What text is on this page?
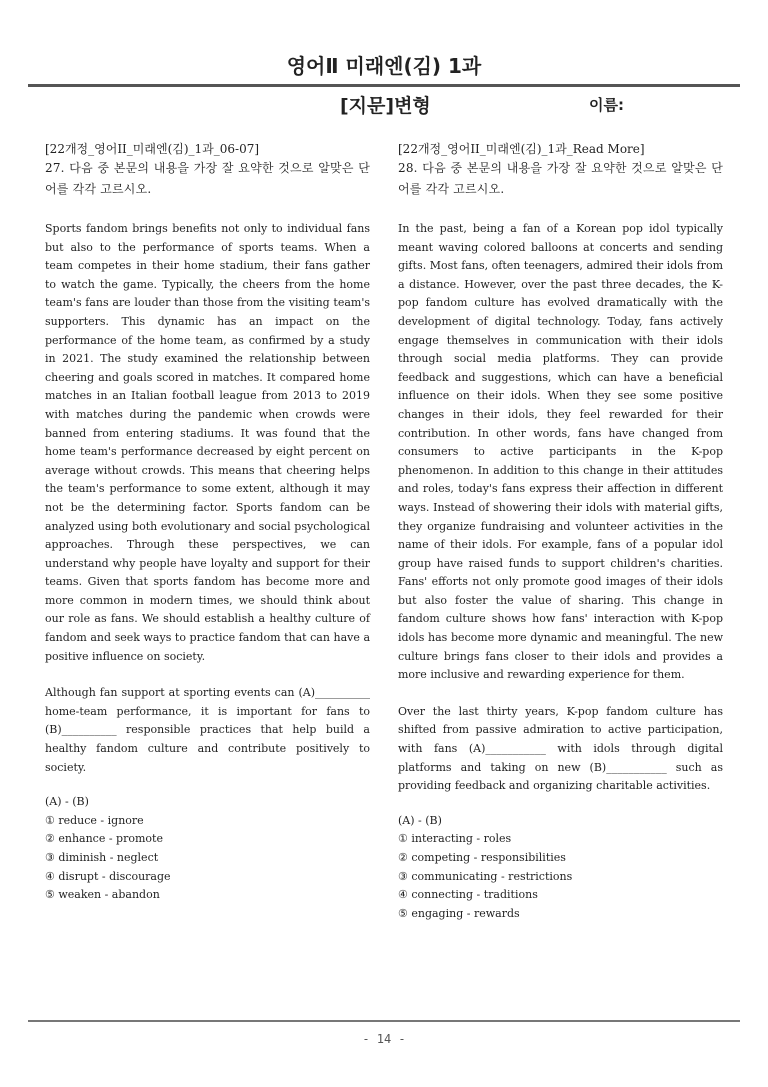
영어Ⅱ 미래엔(김) 1과
[지문]변형	이름:
[22개정_영어II_미래엔(김)_1과_06-07]
27. 다음 중 본문의 내용을 가장 잘 요약한 것으로 알맞은 단어를 각각 고르시오.
Sports fandom brings benefits not only to individual fans but also to the performance of sports teams. When a team competes in their home stadium, their fans gather to watch the game. Typically, the cheers from the home team's fans are louder than those from the visiting team's supporters. This dynamic has an impact on the performance of the home team, as confirmed by a study in 2021. The study examined the relationship between cheering and goals scored in matches. It compared home matches in an Italian football league from 2013 to 2019 with matches during the pandemic when crowds were banned from entering stadiums. It was found that the home team's performance decreased by eight percent on average without crowds. This means that cheering helps the team's performance to some extent, although it may not be the determining factor. Sports fandom can be analyzed using both evolutionary and social psychological approaches. Through these perspectives, we can understand why people have loyalty and support for their teams. Given that sports fandom has become more and more common in modern times, we should think about our role as fans. We should establish a healthy culture of fandom and seek ways to practice fandom that can have a positive influence on society.
Although fan support at sporting events can (A)__________ home-team performance, it is important for fans to (B)__________ responsible practices that help build a healthy fandom culture and contribute positively to society.
(A) - (B)
① reduce - ignore
② enhance - promote
③ diminish - neglect
④ disrupt - discourage
⑤ weaken - abandon
[22개정_영어II_미래엔(김)_1과_Read More]
28. 다음 중 본문의 내용을 가장 잘 요약한 것으로 알맞은 단어를 각각 고르시오.
In the past, being a fan of a Korean pop idol typically meant waving colored balloons at concerts and sending gifts. Most fans, often teenagers, admired their idols from a distance. However, over the past three decades, the K-pop fandom culture has evolved dramatically with the development of digital technology. Today, fans actively engage themselves in communication with their idols through social media platforms. They can provide feedback and suggestions, which can have a beneficial influence on their idols. When they see some positive changes in their idols, they feel rewarded for their contribution. In other words, fans have changed from consumers to active participants in the K-pop phenomenon. In addition to this change in their attitudes and roles, today's fans express their affection in different ways. Instead of showering their idols with material gifts, they organize fundraising and volunteer activities in the name of their idols. For example, fans of a popular idol group have raised funds to support children's charities. Fans' efforts not only promote good images of their idols but also foster the value of sharing. This change in fandom culture shows how fans' interaction with K-pop idols has become more dynamic and meaningful. The new culture brings fans closer to their idols and provides a more inclusive and rewarding experience for them.
Over the last thirty years, K-pop fandom culture has shifted from passive admiration to active participation, with fans (A)___________ with idols through digital platforms and taking on new (B)___________ such as providing feedback and organizing charitable activities.
(A) - (B)
① interacting - roles
② competing - responsibilities
③ communicating - restrictions
④ connecting - traditions
⑤ engaging - rewards
- 14 -
